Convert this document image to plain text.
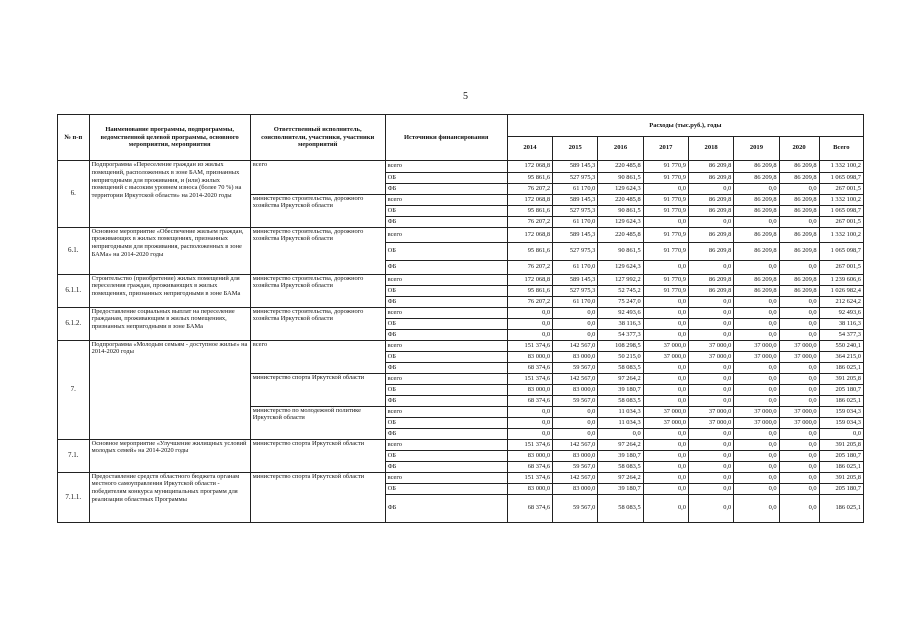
5
№ п-п	Наименование программы, подпрограммы, ведомственной целевой программы, основного мероприятия, мероприятия	Ответственный исполнитель, соисполнители, участники, участники мероприятий	Источники финансирования	Расходы (тыс.руб.), годы							
				2014	2015	2016	2017	2018	2019	2020	Всего
6.	Подпрограмма «Переселение граждан из жилых помещений, расположенных в зоне БАМ, признанных непригодными для проживания, и (или) жилых помещений с высоким уровнем износа (более 70 %) на территории Иркутской области» на 2014-2020 годы	всего	всего	172 068,8	589 145,3	220 485,8	91 770,9	86 209,8	86 209,8	86 209,8	1 332 100,2
			ОБ	95 861,6	527 975,3	90 861,5	91 770,9	86 209,8	86 209,8	86 209,8	1 065 098,7
			ФБ	76 207,2	61 170,0	129 624,3	0,0	0,0	0,0	0,0	267 001,5
		министерство строительства, дорожного хозяйства Иркутской области	всего	172 068,8	589 145,3	220 485,8	91 770,9	86 209,8	86 209,8	86 209,8	1 332 100,2
			ОБ	95 861,6	527 975,3	90 861,5	91 770,9	86 209,8	86 209,8	86 209,8	1 065 098,7
			ФБ	76 207,2	61 170,0	129 624,3	0,0	0,0	0,0	0,0	267 001,5
6.1.	Основное мероприятие «Обеспечение жильем граждан, проживающих в жилых помещениях, признанных непригодными для проживания, расположенных в зоне БАМа» на 2014-2020 годы	министерство строительства, дорожного хозяйства Иркутской области	всего	172 068,8	589 145,3	220 485,8	91 770,9	86 209,8	86 209,8	86 209,8	1 332 100,2
			ОБ	95 861,6	527 975,3	90 861,5	91 770,9	86 209,8	86 209,8	86 209,8	1 065 098,7
			ФБ	76 207,2	61 170,0	129 624,3	0,0	0,0	0,0	0,0	267 001,5
6.1.1.	Строительство (приобретение) жилых помещений для переселения граждан, проживающих в жилых помещениях, признанных непригодными в зоне БАМа	министерство строительства, дорожного хозяйства Иркутской области	всего	172 068,8	589 145,3	127 992,2	91 770,9	86 209,8	86 209,8	86 209,8	1 239 606,6
			ОБ	95 861,6	527 975,3	52 745,2	91 770,9	86 209,8	86 209,8	86 209,8	1 026 982,4
			ФБ	76 207,2	61 170,0	75 247,0	0,0	0,0	0,0	0,0	212 624,2
6.1.2.	Предоставление социальных выплат на переселение гражданам, проживающим в жилых помещениях, признанных непригодными в зоне БАМа	министерство строительства, дорожного хозяйства Иркутской области	всего	0,0	0,0	92 493,6	0,0	0,0	0,0	0,0	92 493,6
			ОБ	0,0	0,0	38 116,3	0,0	0,0	0,0	0,0	38 116,3
			ФБ	0,0	0,0	54 377,3	0,0	0,0	0,0	0,0	54 377,3
7.	Подпрограмма «Молодым семьям - доступное жилье» на 2014-2020 годы	всего	всего	151 374,6	142 567,0	108 298,5	37 000,0	37 000,0	37 000,0	37 000,0	550 240,1
			ОБ	83 000,0	83 000,0	50 215,0	37 000,0	37 000,0	37 000,0	37 000,0	364 215,0
			ФБ	68 374,6	59 567,0	58 083,5	0,0	0,0	0,0	0,0	186 025,1
		министерство спорта Иркутской области	всего	151 374,6	142 567,0	97 264,2	0,0	0,0	0,0	0,0	391 205,8
			ОБ	83 000,0	83 000,0	39 180,7	0,0	0,0	0,0	0,0	205 180,7
			ФБ	68 374,6	59 567,0	58 083,5	0,0	0,0	0,0	0,0	186 025,1
		министерство по молодежной политике Иркутской области	всего	0,0	0,0	11 034,3	37 000,0	37 000,0	37 000,0	37 000,0	159 034,3
			ОБ	0,0	0,0	11 034,3	37 000,0	37 000,0	37 000,0	37 000,0	159 034,3
			ФБ	0,0	0,0	0,0	0,0	0,0	0,0	0,0	0,0
7.1.	Основное мероприятие «Улучшение жилищных условий молодых семей» на 2014-2020 годы	министерство спорта Иркутской области	всего	151 374,6	142 567,0	97 264,2	0,0	0,0	0,0	0,0	391 205,8
			ОБ	83 000,0	83 000,0	39 180,7	0,0	0,0	0,0	0,0	205 180,7
			ФБ	68 374,6	59 567,0	58 083,5	0,0	0,0	0,0	0,0	186 025,1
7.1.1.	Предоставление средств областного бюджета органам местного самоуправления Иркутской области - победителям конкурса муниципальных программ для реализации областных Программы	министерство спорта Иркутской области	всего	151 374,6	142 567,0	97 264,2	0,0	0,0	0,0	0,0	391 205,8
			ОБ	83 000,0	83 000,0	39 180,7	0,0	0,0	0,0	0,0	205 180,7
			ФБ	68 374,6	59 567,0	58 083,5	0,0	0,0	0,0	0,0	186 025,1
